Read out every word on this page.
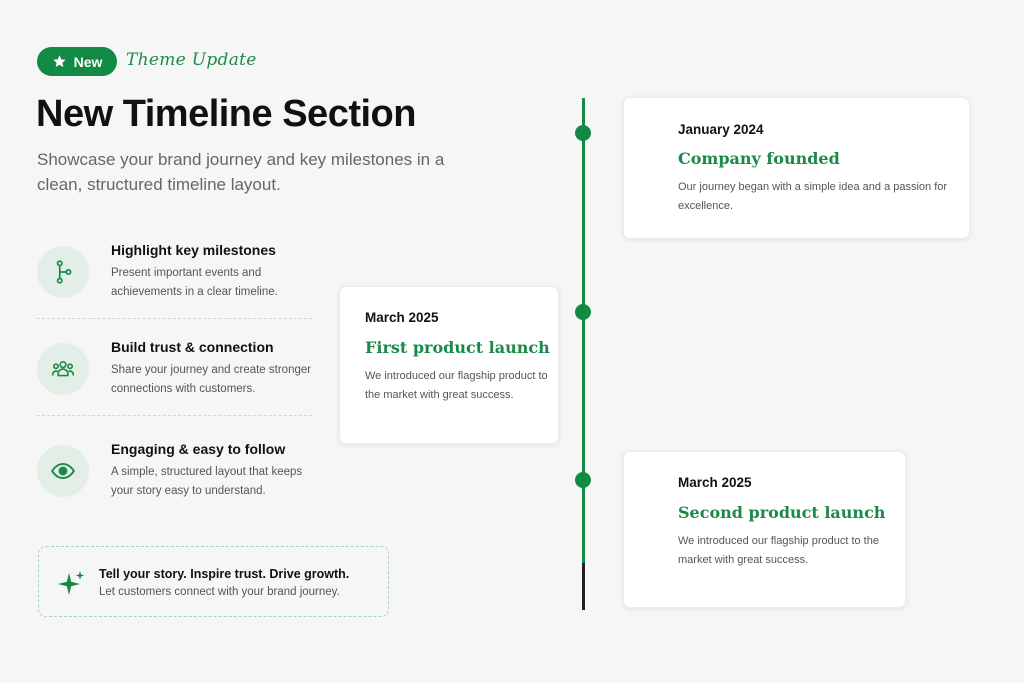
New Theme Update
New Timeline Section

Showcase your brand journey and key milestones in a clean, structured timeline layout.

Highlight key milestones
Present important events and achievements in a clear timeline.
Build trust & connection
Share your journey and create stronger connections with customers.
Engaging & easy to follow
A simple, structured layout that keeps your story easy to understand.
Tell your story. Inspire trust. Drive growth.
Let customers connect with your brand journey.
January 2024
Company founded
Our journey began with a simple idea and a passion for excellence.
March 2025
First product launch
We introduced our flagship product to the market with great success.
March 2025
Second product launch
We introduced our flagship product to the market with great success.
